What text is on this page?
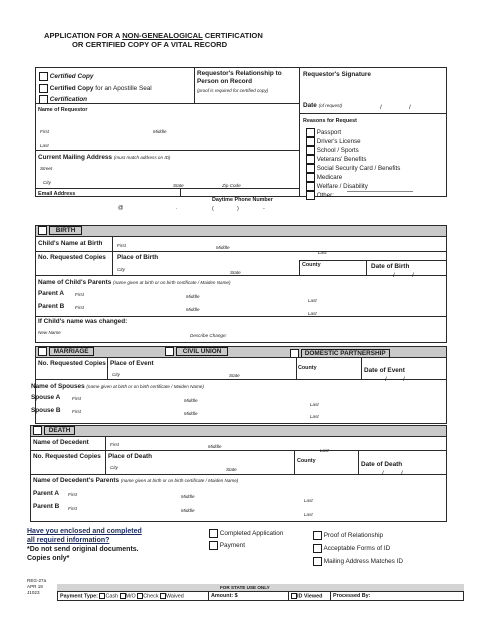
APPLICATION FOR A NON-GENEALOGICAL CERTIFICATION
OR CERTIFIED COPY OF A VITAL RECORD
Certified Copy
Certified Copy for an Apostille Seal
Certification
Requestor's Relationship to Person on Record
(proof is required for certified copy)
Requestor's Signature
Date (of request)	/	/
Name of Requestor
First	Middle
Last
Current Mailing Address (must match address on ID)
Street
City
State	Zip Code
Email Address
@	.
Daytime Phone Number
(	)	-
Reasons for Request
Passport
Driver's License
School / Sports
Veterans' Benefits
Social Security Card / Benefits
Medicare
Welfare / Disability
Other:
BIRTH
Child's Name at Birth	First	Middle
Last
No. Requested Copies Place of Birth
City
State
County	Date of Birth
/	/
Name of Child's Parents (name given at birth or on birth certificate / Maiden Name)
Parent A First	Middle
Last
Parent B First	Middle
Last
If Child's name was changed:
New Name
Describe Change:
MARRIAGE	CIVIL UNION	DOMESTIC PARTNERSHIP
No. Requested Copies Place of Event
City	State
County	Date of Event
/	/
Name of Spouses (name given at birth or on birth certificate / Maiden Name)
Spouse A	First	Middle
Last
Spouse B	First	Middle
Last
DEATH
Name of Decedent	First	Middle
Last
No. Requested Copies Place of Death
City	State
County	Date of Death
/	/
Name of Decedent's Parents (name given at birth or on birth certificate / Maiden Name)
Parent A First	Middle
Last
Parent B First	Middle
Last
Have you enclosed and completed
all required information?
*Do not send original documents.
Copies only*
Completed Application
Payment
Proof of Relationship
Acceptable Forms of ID
Mailing Address Matches ID
REG-27a
APR 19
J1023
FOR STATE USE ONLY
Payment Type: Cash M/O Check Waived	Amount: $	ID Viewed Processed By:
